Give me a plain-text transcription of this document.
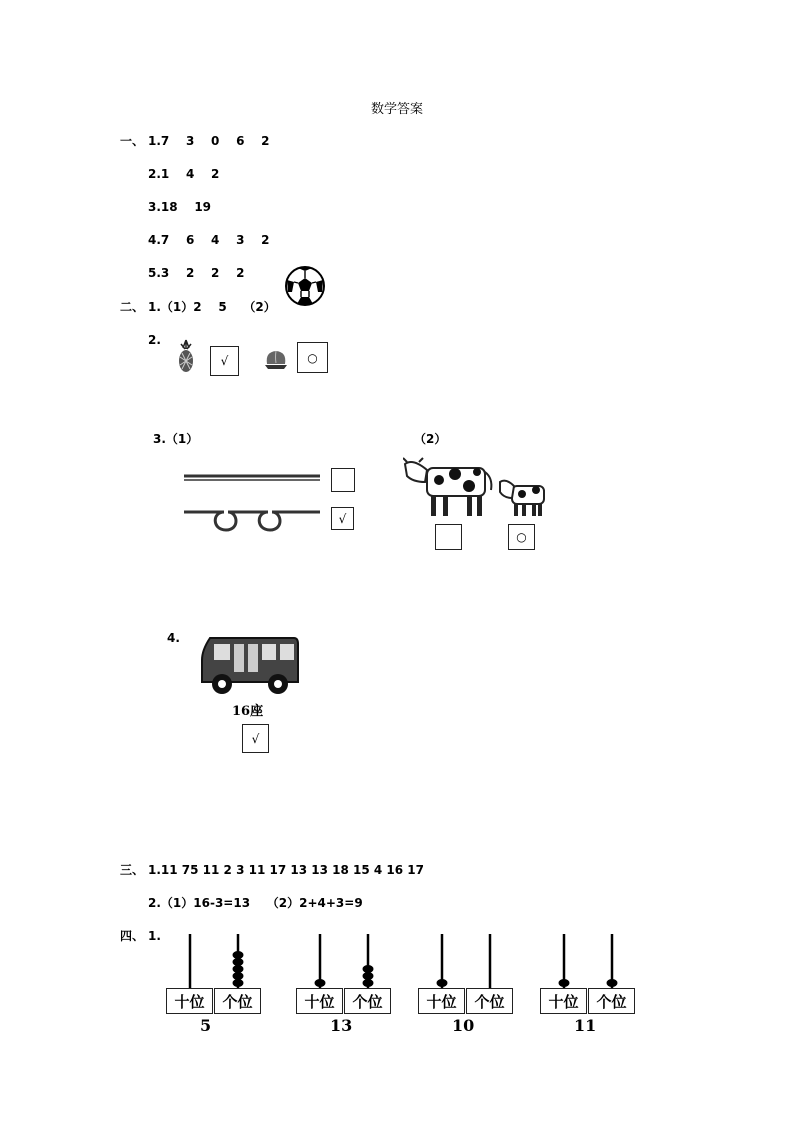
数学答案
一、 1.7    3    0    6    2
2.1    4    2
3.18    19
4.7    6    4    3    2
5.3    2    2    2
二、 1.（1）2    5    （2）
2.
√	○
3.（1）	（2）
√
○
4.
16座
√
三、 1.11 75 11 2 3 11 17 13 13 18 15 4 16 17
2.（1）16-3=13    （2）2+4+3=9
四、 1.
十位	个位
5
十位	个位
13
十位	个位
10
十位	个位
11
